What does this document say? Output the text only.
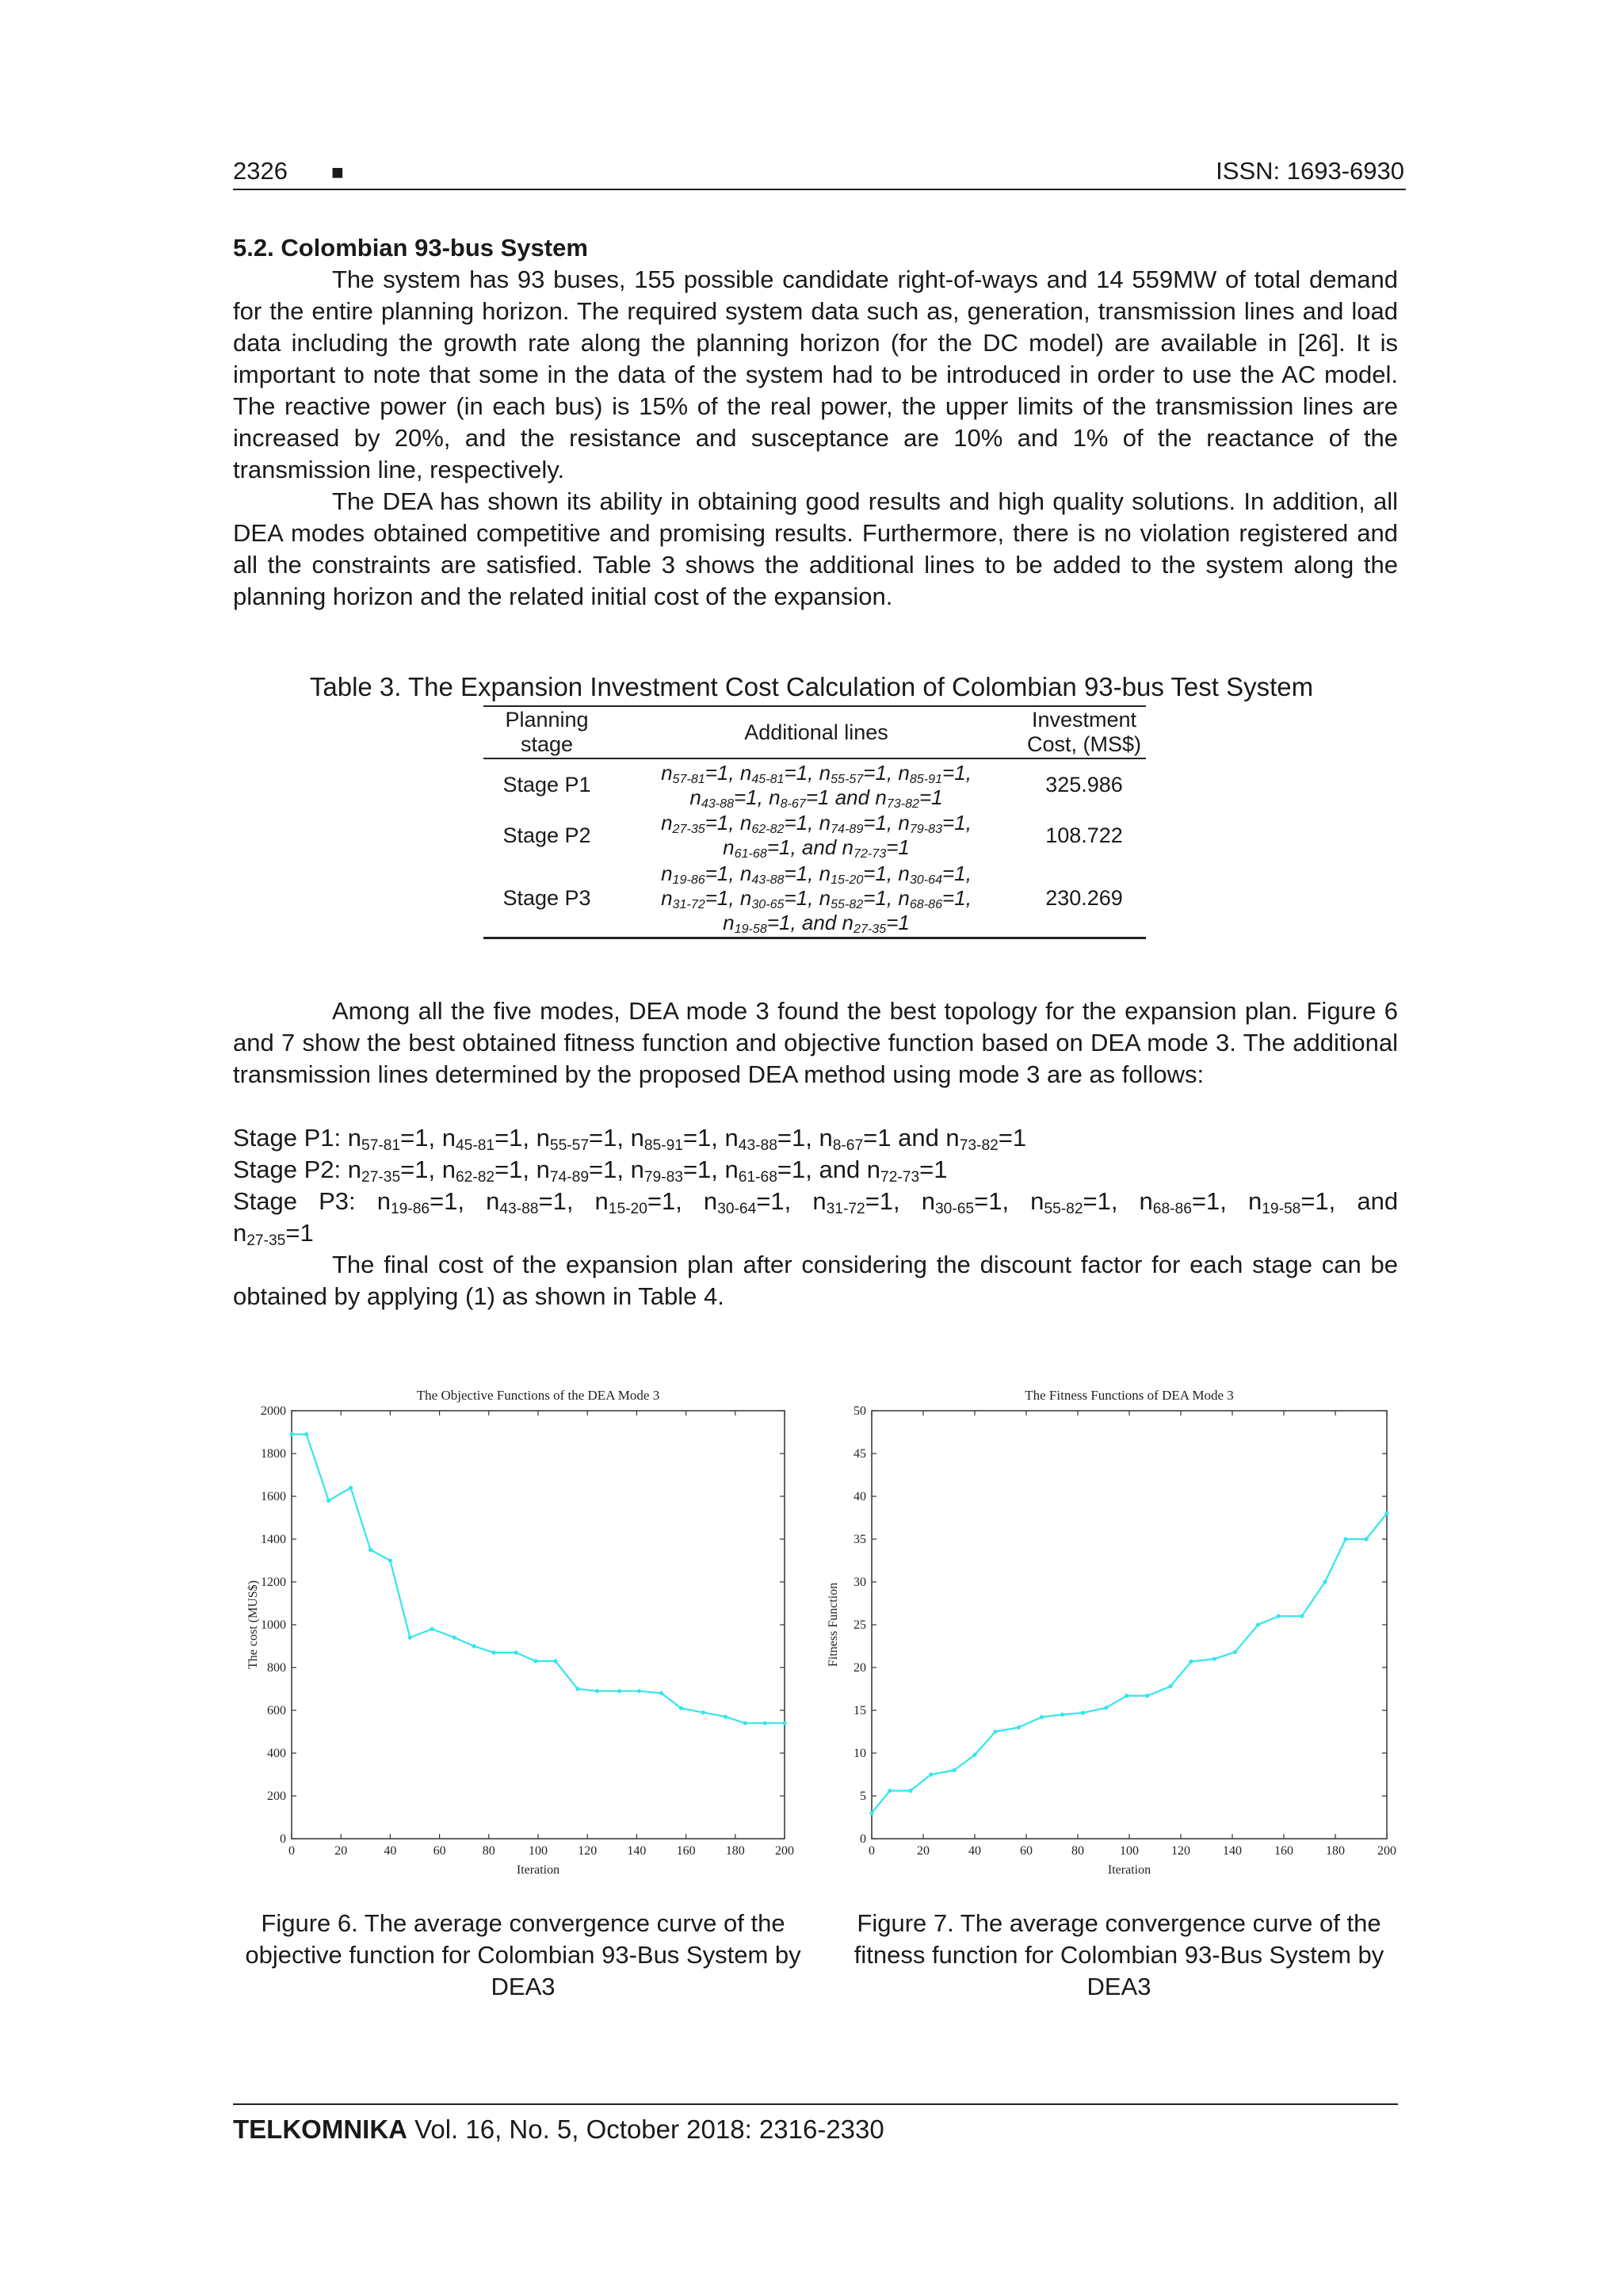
2326 ■	ISSN: 1693-6930

5.2. Colombian 93-bus System

The system has 93 buses, 155 possible candidate right-of-ways and 14 559MW of total demand for the entire planning horizon. The required system data such as, generation, transmission lines and load data including the growth rate along the planning horizon (for the DC model) are available in [26]. It is important to note that some in the data of the system had to be introduced in order to use the AC model. The reactive power (in each bus) is 15% of the real power, the upper limits of the transmission lines are increased by 20%, and the resistance and susceptance are 10% and 1% of the reactance of the transmission line, respectively.

The DEA has shown its ability in obtaining good results and high quality solutions. In addition, all DEA modes obtained competitive and promising results. Furthermore, there is no violation registered and all the constraints are satisfied. Table 3 shows the additional lines to be added to the system along the planning horizon and the related initial cost of the expansion.

Table 3. The Expansion Investment Cost Calculation of Colombian 93-bus Test System
Planning
stage	Additional lines	Investment
Cost, (MS$)
Stage P1	$n_{57-81}=1$, $n_{45-81}=1$, $n_{55-57}=1$, $n_{85-91}=1$,
$n_{43-88}=1$, $n_{8-67}=1$ and $n_{73-82}=1$	325.986
Stage P2	$n_{27-35}=1$, $n_{62-82}=1$, $n_{74-89}=1$, $n_{79-83}=1$,
$n_{61-68}=1$, and $n_{72-73}=1$	108.722
Stage P3	$n_{19-86}=1$, $n_{43-88}=1$, $n_{15-20}=1$, $n_{30-64}=1$,
$n_{31-72}=1$, $n_{30-65}=1$, $n_{55-82}=1$, $n_{68-86}=1$,
$n_{19-58}=1$, and $n_{27-35}=1$	230.269

Among all the five modes, DEA mode 3 found the best topology for the expansion plan. Figure 6 and 7 show the best obtained fitness function and objective function based on DEA mode 3. The additional transmission lines determined by the proposed DEA method using mode 3 are as follows:

Stage P1: $n_{57-81}=1$, $n_{45-81}=1$, $n_{55-57}=1$, $n_{85-91}=1$, $n_{43-88}=1$, $n_{8-67}=1$ and $n_{73-82}=1$
Stage P2: $n_{27-35}=1$, $n_{62-82}=1$, $n_{74-89}=1$, $n_{79-83}=1$, $n_{61-68}=1$, and $n_{72-73}=1$
Stage P3: $n_{19-86}=1$, $n_{43-88}=1$, $n_{15-20}=1$, $n_{30-64}=1$, $n_{31-72}=1$, $n_{30-65}=1$, $n_{55-82}=1$, $n_{68-86}=1$, $n_{19-58}=1$, and
$n_{27-35}=1$

The final cost of the expansion plan after considering the discount factor for each stage can be obtained by applying (1) as shown in Table 4.

The Objective Functions of the DEA Mode 3
0	20	40	60	80	100 120 140 160 180 200
0
200
400
600
800
1000
1200
1400
1600
1800
2000
Iteration
The cost (MUS$)
The Fitness Functions of DEA Mode 3
0	20	40	60	80	100	120	140	160	180	200
0
5
10
15
20
25
30
35
40
45
50
Iteration
Fitness Function
Figure 6. The average convergence curve of the objective function for Colombian 93-Bus System by DEA3
Figure 7. The average convergence curve of the fitness function for Colombian 93-Bus System by DEA3
TELKOMNIKA Vol. 16, No. 5, October 2018: 2316-2330
